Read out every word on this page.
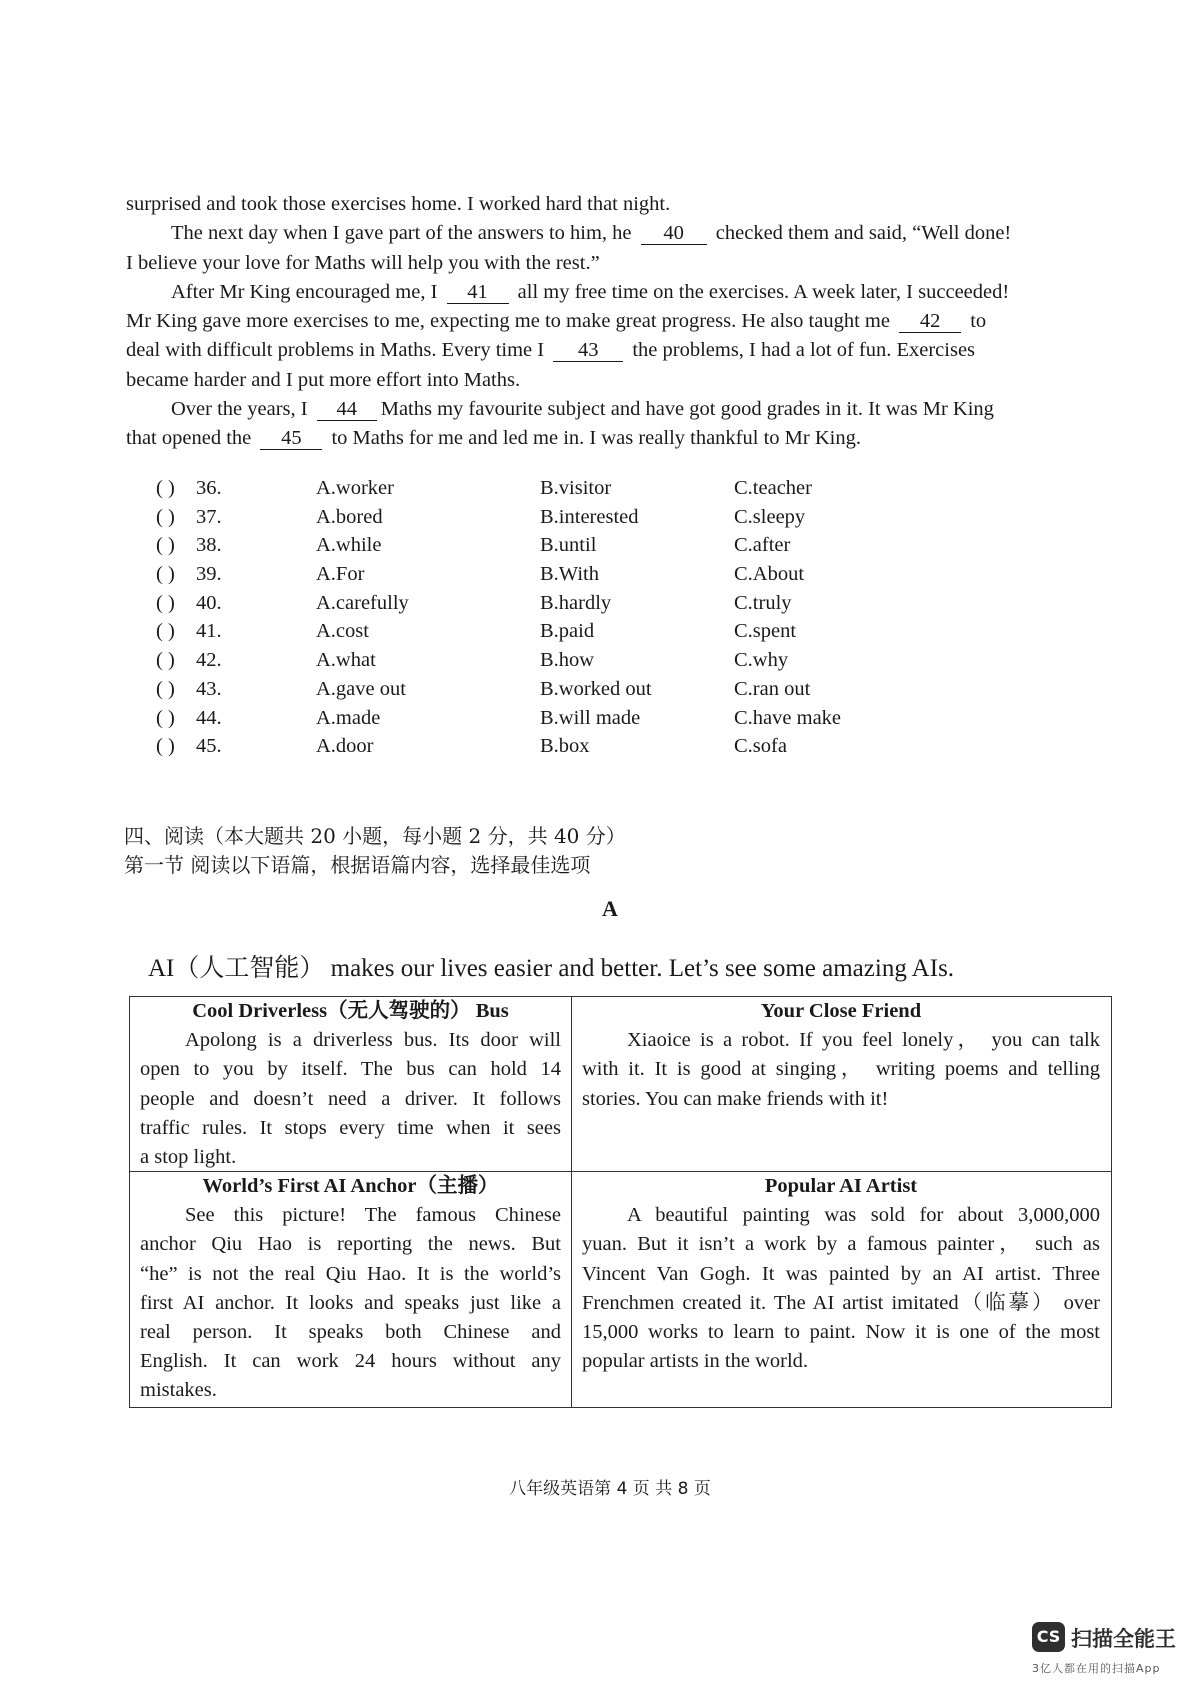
surprised and took those exercises home. I worked hard that night.
The next day when I gave part of the answers to him, he 40 checked them and said, “Well done!
I believe your love for Maths will help you with the rest.”
After Mr King encouraged me, I 41 all my free time on the exercises. A week later, I succeeded!
Mr King gave more exercises to me, expecting me to make great progress. He also taught me 42 to
deal with difficult problems in Maths. Every time I 43 the problems, I had a lot of fun. Exercises
became harder and I put more effort into Maths.
Over the years, I 44 Maths my favourite subject and have got good grades in it. It was Mr King
that opened the 45 to Maths for me and led me in. I was really thankful to Mr King.
( ) 36.	A.worker	B.visitor	C.teacher
( ) 37.	A.bored	B.interested	C.sleepy
( ) 38.	A.while	B.until	C.after
( ) 39.	A.For	B.With	C.About
( ) 40.	A.carefully	B.hardly	C.truly
( ) 41.	A.cost	B.paid	C.spent
( ) 42.	A.what	B.how	C.why
( ) 43.	A.gave out	B.worked out	C.ran out
( ) 44.	A.made	B.will made	C.have make
( ) 45.	A.door	B.box	C.sofa
四、阅读（本大题共 20 小题，每小题 2 分，共 40 分）
第一节 阅读以下语篇，根据语篇内容，选择最佳选项
A
AI（人工智能） makes our lives easier and better. Let’s see some amazing AIs.
Cool Driverless（无人驾驶的） Bus
Apolong is a driverless bus. Its door will
open to you by itself. The bus can hold 14
people and doesn’t need a driver. It follows
traffic rules. It stops every time when it sees
a stop light.
Your Close Friend
Xiaoice is a robot. If you feel lonely， you can talk
with it. It is good at singing， writing poems and telling
stories. You can make friends with it!
World’s First AI Anchor（主播）
See this picture! The famous Chinese
anchor Qiu Hao is reporting the news. But
“he” is not the real Qiu Hao. It is the world’s
first AI anchor. It looks and speaks just like a
real person. It speaks both Chinese and
English. It can work 24 hours without any
mistakes.
Popular AI Artist
A beautiful painting was sold for about 3,000,000
yuan. But it isn’t a work by a famous painter， such as
Vincent Van Gogh. It was painted by an AI artist. Three
Frenchmen created it. The AI artist imitated（临摹） over
15,000 works to learn to paint. Now it is one of the most
popular artists in the world.
八年级英语第 4 页 共 8 页
CS 扫描全能王
3亿人都在用的扫描App
